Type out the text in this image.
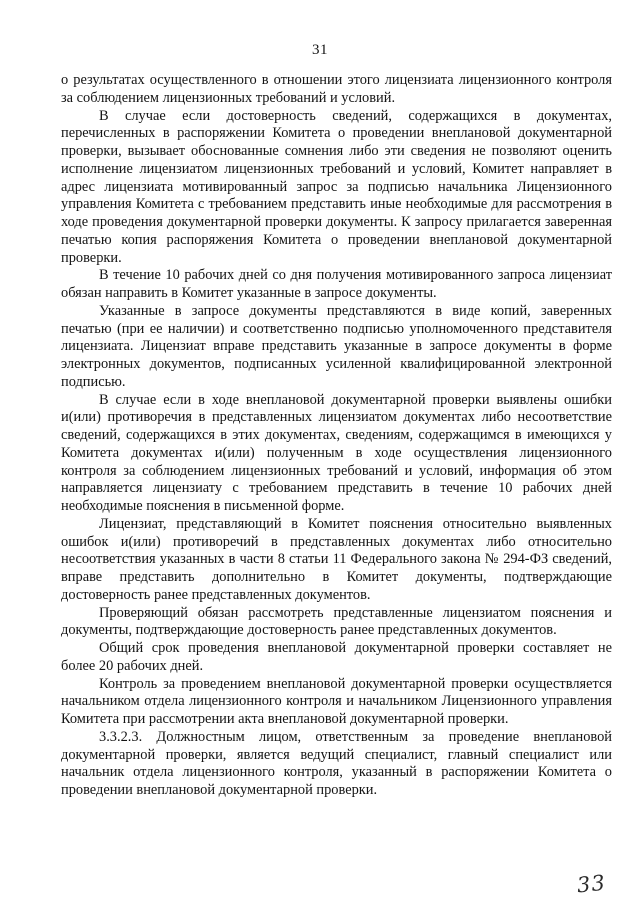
31

о результатах осуществленного в отношении этого лицензиата лицензионного контроля за соблюдением лицензионных требований и условий.

В случае если достоверность сведений, содержащихся в документах, перечисленных в распоряжении Комитета о проведении внеплановой документарной проверки, вызывает обоснованные сомнения либо эти сведения не позволяют оценить исполнение лицензиатом лицензионных требований и условий, Комитет направляет в адрес лицензиата мотивированный запрос за подписью начальника Лицензионного управления Комитета с требованием представить иные необходимые для рассмотрения в ходе проведения документарной проверки документы. К запросу прилагается заверенная печатью копия распоряжения Комитета о проведении внеплановой документарной проверки.

В течение 10 рабочих дней со дня получения мотивированного запроса лицензиат обязан направить в Комитет указанные в запросе документы.

Указанные в запросе документы представляются в виде копий, заверенных печатью (при ее наличии) и соответственно подписью уполномоченного представителя лицензиата. Лицензиат вправе представить указанные в запросе документы в форме электронных документов, подписанных усиленной квалифицированной электронной подписью.

В случае если в ходе внеплановой документарной проверки выявлены ошибки и(или) противоречия в представленных лицензиатом документах либо несоответствие сведений, содержащихся в этих документах, сведениям, содержащимся в имеющихся у Комитета документах и(или) полученным в ходе осуществления лицензионного контроля за соблюдением лицензионных требований и условий, информация об этом направляется лицензиату с требованием представить в течение 10 рабочих дней необходимые пояснения в письменной форме.

Лицензиат, представляющий в Комитет пояснения относительно выявленных ошибок и(или) противоречий в представленных документах либо относительно несоответствия указанных в части 8 статьи 11 Федерального закона № 294-ФЗ сведений, вправе представить дополнительно в Комитет документы, подтверждающие достоверность ранее представленных документов.

Проверяющий обязан рассмотреть представленные лицензиатом пояснения и документы, подтверждающие достоверность ранее представленных документов.

Общий срок проведения внеплановой документарной проверки составляет не более 20 рабочих дней.

Контроль за проведением внеплановой документарной проверки осуществляется начальником отдела лицензионного контроля и начальником Лицензионного управления Комитета при рассмотрении акта внеплановой документарной проверки.

3.3.2.3. Должностным лицом, ответственным за проведение внеплановой документарной проверки, является ведущий специалист, главный специалист или начальник отдела лицензионного контроля, указанный в распоряжении Комитета о проведении внеплановой документарной проверки.

33
